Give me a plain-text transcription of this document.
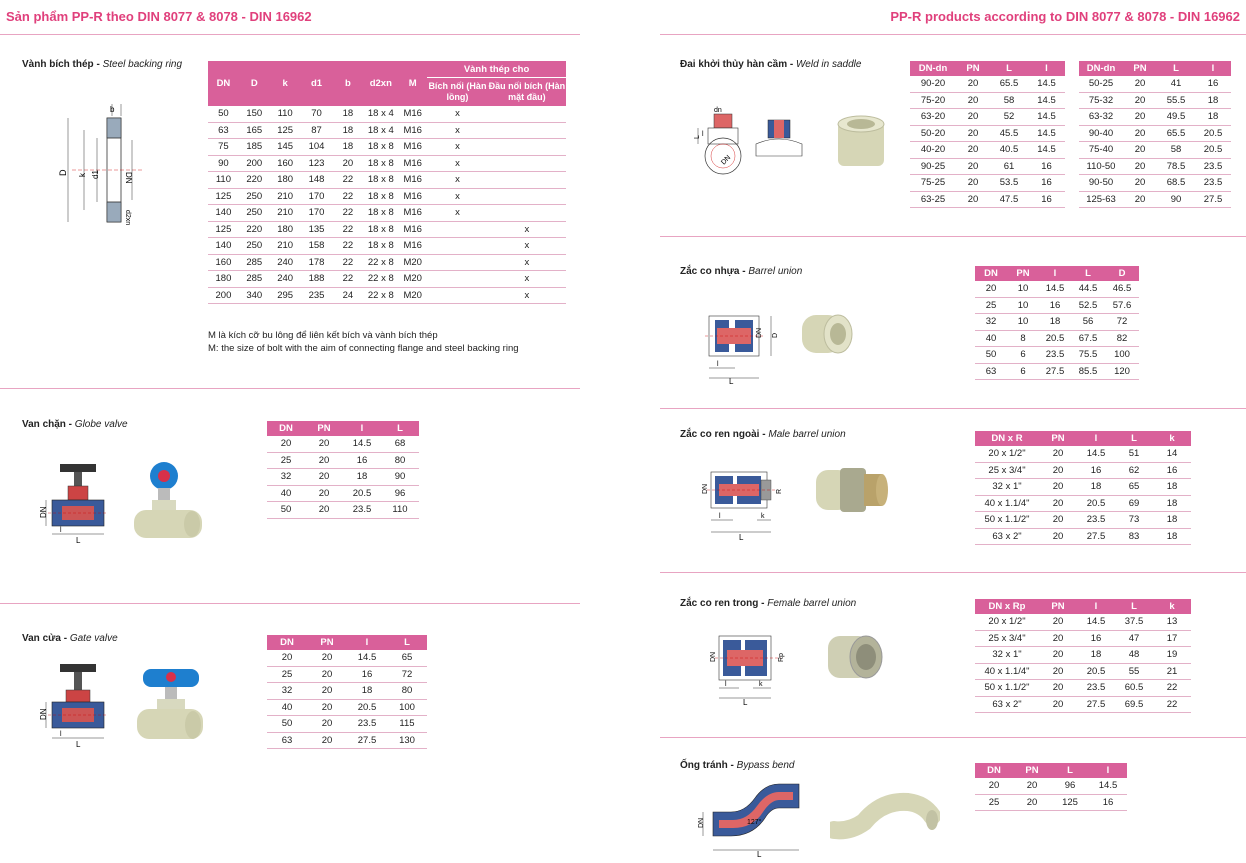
Sản phẩm PP-R theo DIN 8077 & 8078 - DIN 16962	PP-R products according to DIN 8077 & 8078 - DIN 16962
Vành bích thép - Steel backing ring
b
D k d1	DN
d2xn
DN	D	k	d1	b	d2xn	M	Vành thép cho	
							Bích nối (Hàn lồng)	Đầu nối bích (Hàn mặt đầu)
50	150	110	70	18	18 x 4	M16	x	
63	165	125	87	18	18 x 4	M16	x	
75	185	145	104	18	18 x 8	M16	x	
90	200	160	123	20	18 x 8	M16	x	
110	220	180	148	22	18 x 8	M16	x	
125	250	210	170	22	18 x 8	M16	x	
140	250	210	170	22	18 x 8	M16	x	
125	220	180	135	22	18 x 8	M16		x
140	250	210	158	22	18 x 8	M16		x
160	285	240	178	22	22 x 8	M20		x
180	285	240	188	22	22 x 8	M20		x
200	340	295	235	24	22 x 8	M20		x
M là kích cỡ bu lông để liên kết bích và vành bích thép
M: the size of bolt with the aim of connecting flange and steel backing ring
Van chặn - Globe valve
DN
l
L
DN	PN	l	L
20	20	14.5	68
25	20	16	80
32	20	18	90
40	20	20.5	96
50	20	23.5	110
Van cửa - Gate valve
DN
l
L
DN	PN	l	L
20	20	14.5	65
25	20	16	72
32	20	18	80
40	20	20.5	100
50	20	23.5	115
63	20	27.5	130
Đai khởi thủy hàn cầm - Weld in saddle
dn
L l
DN
DN-dn	PN	L	l
90-20	20	65.5	14.5
75-20	20	58	14.5
63-20	20	52	14.5
50-20	20	45.5	14.5
40-20	20	40.5	14.5
90-25	20	61	16
75-25	20	53.5	16
63-25	20	47.5	16
DN-dn	PN	L	l
50-25	20	41	16
75-32	20	55.5	18
63-32	20	49.5	18
90-40	20	65.5	20.5
75-40	20	58	20.5
110-50	20	78.5	23.5
90-50	20	68.5	23.5
125-63	20	90	27.5
Zắc co nhựa - Barrel union
DN D
l
L
DN	PN	l	L	D
20	10	14.5	44.5	46.5
25	10	16	52.5	57.6
32	10	18	56	72
40	8	20.5	67.5	82
50	6	23.5	75.5	100
63	6	27.5	85.5	120
Zắc co ren ngoài - Male barrel union
DN	R
l	k
L
DN x R	PN	l	L	k
20 x 1/2"	20	14.5	51	14
25 x 3/4"	20	16	62	16
32 x 1"	20	18	65	18
40 x 1.1/4"	20	20.5	69	18
50 x 1.1/2"	20	23.5	73	18
63 x 2"	20	27.5	83	18
Zắc co ren trong - Female barrel union
DN	Rp
l	k
L
DN x Rp	PN	l	L	k
20 x 1/2"	20	14.5	37.5	13
25 x 3/4"	20	16	47	17
32 x 1"	20	18	48	19
40 x 1.1/4"	20	20.5	55	21
50 x 1.1/2"	20	23.5	60.5	22
63 x 2"	20	27.5	69.5	22
Ống tránh - Bypass bend
DN	127°
L
DN	PN	L	l
20	20	96	14.5
25	20	125	16
